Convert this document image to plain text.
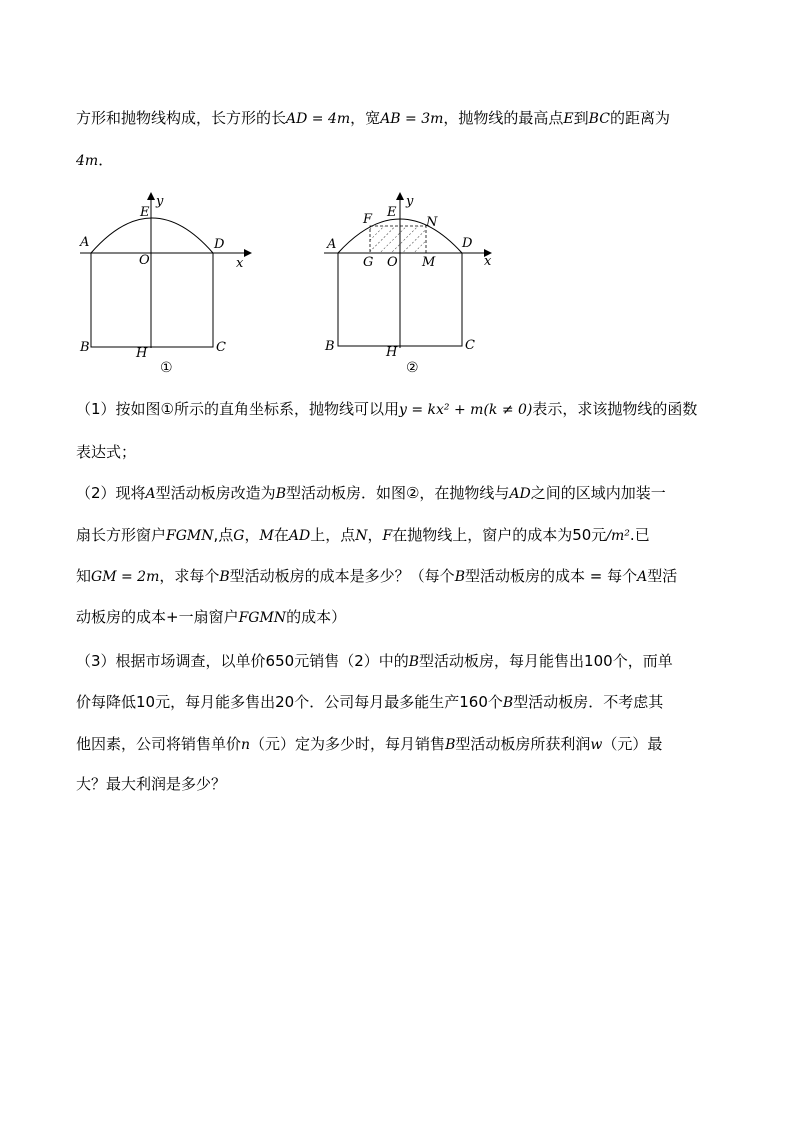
方形和抛物线构成，长方形的长AD = 4m，宽AB = 3m，抛物线的最高点E到BC的距离为
4m．
y
x
E
A	D
O
B	C
H
①
y
x
E
F	N
A	D
G O M
B	C
H
②
（1）按如图①所示的直角坐标系，抛物线可以用y = kx² + m(k ≠ 0)表示，求该抛物线的函数
表达式；
（2）现将A型活动板房改造为B型活动板房．如图②，在抛物线与AD之间的区域内加装一
扇长方形窗户FGMN,点G，M在AD上，点N，F在抛物线上，窗户的成本为50元/m².已
知GM = 2m，求每个B型活动板房的成本是多少？（每个B型活动板房的成本 = 每个A型活
动板房的成本+一扇窗户FGMN的成本）
（3）根据市场调查，以单价650元销售（2）中的B型活动板房，每月能售出100个，而单
价每降低10元，每月能多售出20个．公司每月最多能生产160个B型活动板房．不考虑其
他因素，公司将销售单价n（元）定为多少时，每月销售B型活动板房所获利润w（元）最
大？最大利润是多少？
